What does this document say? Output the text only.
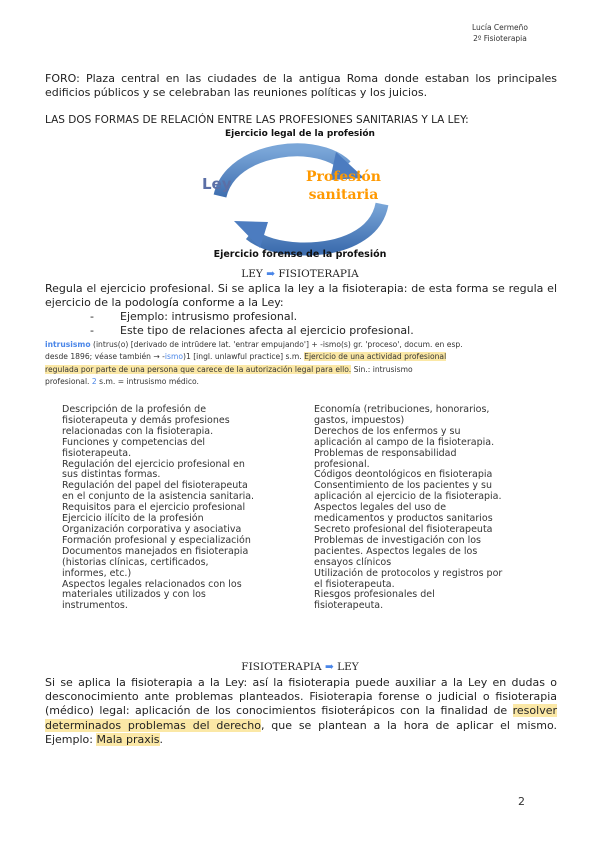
Lucía Cermeño
2º Fisioterapia
FORO: Plaza central en las ciudades de la antigua Roma donde estaban los principales edificios públicos y se celebraban las reuniones políticas y los juicios.
LAS DOS FORMAS DE RELACIÓN ENTRE LAS PROFESIONES SANITARIAS Y LA LEY:
Ejercicio legal de la profesión
Ley	Profesión
sanitaria
Ejercicio forense de la profesión
LEY ➡ FISIOTERAPIA
Regula el ejercicio profesional. Si se aplica la ley a la fisioterapia: de esta forma se regula el ejercicio de la podología conforme a la Ley:
- Ejemplo: intrusismo profesional.
- Este tipo de relaciones afecta al ejercicio profesional.
intrusismo (intrus(o) [derivado de intrūdere lat. 'entrar empujando'] + -ismo(s) gr. 'proceso', docum. en esp.
desde 1896; véase también → -ismo)1 [ingl. unlawful practice] s.m. Ejercicio de una actividad profesional
regulada por parte de una persona que carece de la autorización legal para ello. Sin.: intrusismo
profesional. 2 s.m. = intrusismo médico.
Descripción de la profesión de
fisioterapeuta y demás profesiones
relacionadas con la fisioterapia.
Funciones y competencias del
fisioterapeuta.
Regulación del ejercicio profesional en
sus distintas formas.
Regulación del papel del fisioterapeuta
en el conjunto de la asistencia sanitaria.
Requisitos para el ejercicio profesional
Ejercicio ilícito de la profesión
Organización corporativa y asociativa
Formación profesional y especialización
Documentos manejados en fisioterapia
(historias clínicas, certificados,
informes, etc.)
Aspectos legales relacionados con los
materiales utilizados y con los
instrumentos.
Economía (retribuciones, honorarios,
gastos, impuestos)
Derechos de los enfermos y su
aplicación al campo de la fisioterapia.
Problemas de responsabilidad
profesional.
Códigos deontológicos en fisioterapia
Consentimiento de los pacientes y su
aplicación al ejercicio de la fisioterapia.
Aspectos legales del uso de
medicamentos y productos sanitarios
Secreto profesional del fisioterapeuta
Problemas de investigación con los
pacientes. Aspectos legales de los
ensayos clínicos
Utilización de protocolos y registros por
el fisioterapeuta.
Riesgos profesionales del
fisioterapeuta.
FISIOTERAPIA ➡ LEY
Si se aplica la fisioterapia a la Ley: así la fisioterapia puede auxiliar a la Ley en dudas o desconocimiento ante problemas planteados. Fisioterapia forense o judicial o fisioterapia (médico) legal: aplicación de los conocimientos fisioterápicos con la finalidad de resolver determinados problemas del derecho, que se plantean a la hora de aplicar el mismo. Ejemplo: Mala praxis.
2
